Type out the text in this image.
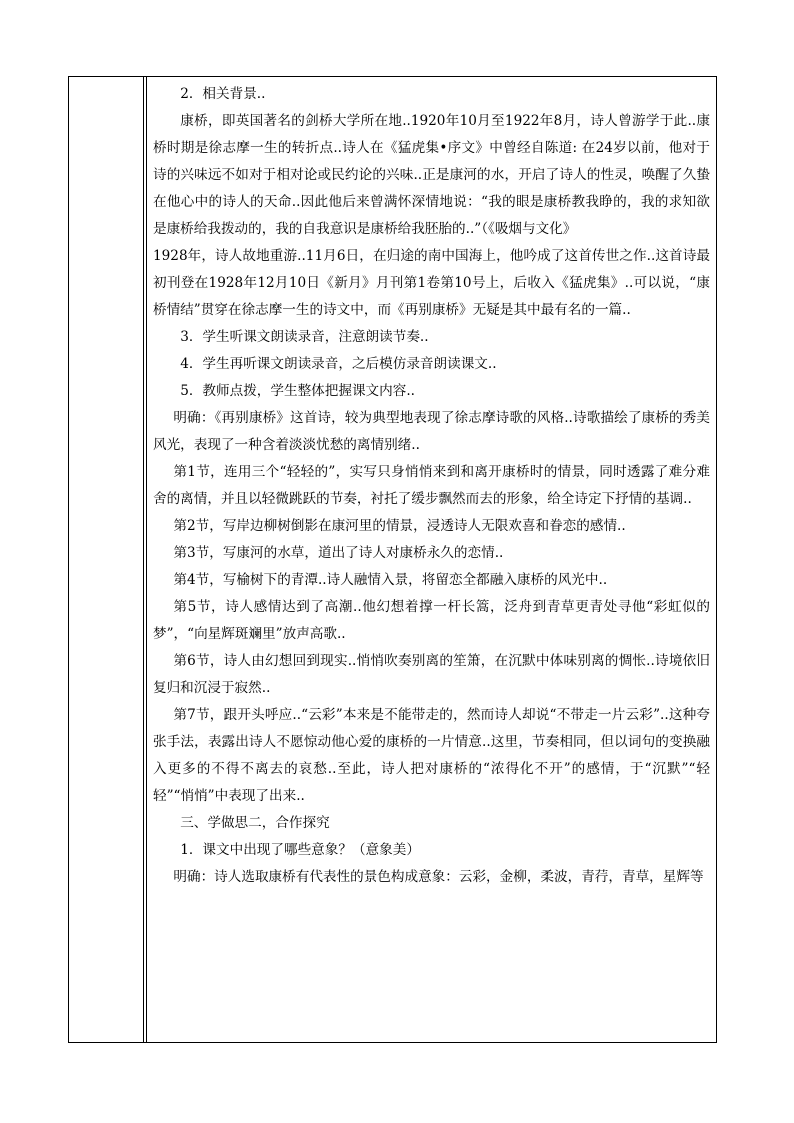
2．相关背景..

康桥，即英国著名的剑桥大学所在地..1920年10月至1922年8月，诗人曾游学于此..康桥时期是徐志摩一生的转折点..诗人在《猛虎集•序文》中曾经自陈道: 在24岁以前，他对于诗的兴味远不如对于相对论或民约论的兴味..正是康河的水，开启了诗人的性灵，唤醒了久蛰在他心中的诗人的天命..因此他后来曾满怀深情地说：“我的眼是康桥教我睁的，我的求知欲是康桥给我拨动的，我的自我意识是康桥给我胚胎的..”（《吸烟与文化》

1928年，诗人故地重游..11月6日，在归途的南中国海上，他吟成了这首传世之作..这首诗最初刊登在1928年12月10日《新月》月刊第1卷第10号上，后收入《猛虎集》..可以说，“康桥情结”贯穿在徐志摩一生的诗文中，而《再别康桥》无疑是其中最有名的一篇..

3．学生听课文朗读录音，注意朗读节奏..

4．学生再听课文朗读录音，之后模仿录音朗读课文..

5．教师点拨，学生整体把握课文内容..

明确：《再别康桥》这首诗，较为典型地表现了徐志摩诗歌的风格..诗歌描绘了康桥的秀美风光，表现了一种含着淡淡忧愁的离情别绪..

第1节，连用三个“轻轻的”，实写只身悄悄来到和离开康桥时的情景，同时透露了难分难舍的离情，并且以轻微跳跃的节奏，衬托了缓步飘然而去的形象，给全诗定下抒情的基调..

第2节，写岸边柳树倒影在康河里的情景，浸透诗人无限欢喜和眷恋的感情..

第3节，写康河的水草，道出了诗人对康桥永久的恋情..

第4节，写榆树下的青潭..诗人融情入景，将留恋全都融入康桥的风光中..

第5节，诗人感情达到了高潮..他幻想着撑一杆长篙，泛舟到青草更青处寻他“彩虹似的梦”，“向星辉斑斓里”放声高歌..

第6节，诗人由幻想回到现实..悄悄吹奏别离的笙箫，在沉默中体味别离的惆怅..诗境依旧复归和沉浸于寂然..

第7节，跟开头呼应..“云彩”本来是不能带走的，然而诗人却说“不带走一片云彩”..这种夸张手法，表露出诗人不愿惊动他心爱的康桥的一片情意..这里，节奏相同，但以词句的变换融入更多的不得不离去的哀愁..至此，诗人把对康桥的“浓得化不开”的感情，于“沉默”“轻轻”“悄悄”中表现了出来..

三、学做思二，合作探究

1．课文中出现了哪些意象？（意象美）

明确：诗人选取康桥有代表性的景色构成意象：云彩，金柳，柔波，青荇，青草，星辉等
